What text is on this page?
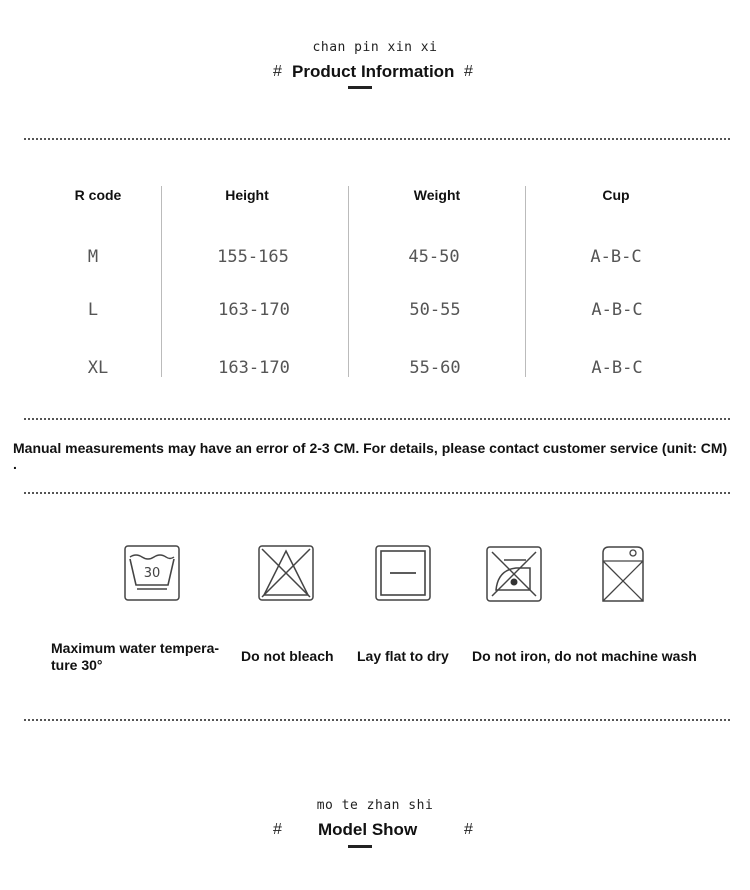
chan pin xin xi
# Product Information #
R code	Height	Weight	Cup
M	155-165	45-50	A-B-C
L	163-170	50-55	A-B-C
XL	163-170	55-60	A-B-C
Manual measurements may have an error of 2-3 CM. For details, please contact customer service (unit: CM)
.
30
Maximum water tempera-ture 30°
Do not bleach Lay flat to dry Do not iron, do not machine wash
mo te zhan shi
# Model Show	#
